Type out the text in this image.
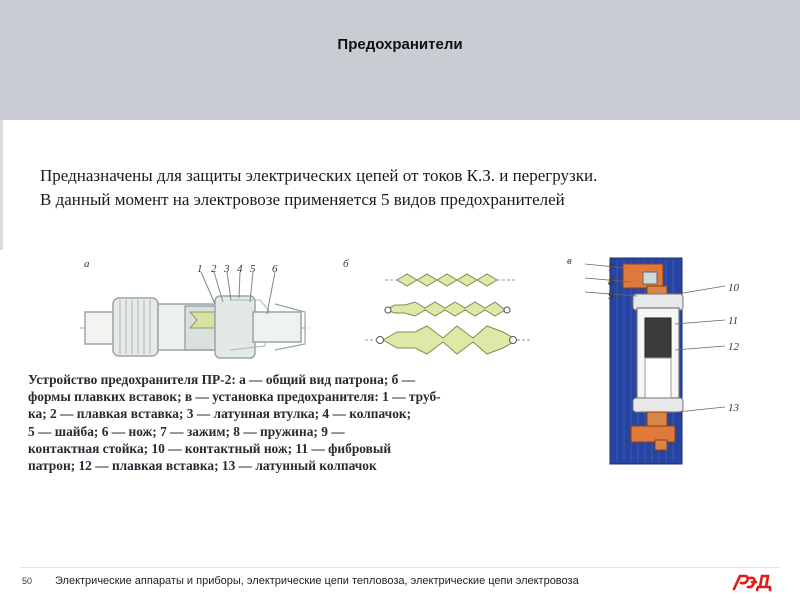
Предохранители
Предназначены для защиты электрических цепей от токов К.З. и перегрузки.
В данный момент на электровозе применяется 5 видов предохранителей
а	1 2 3 4 5 6	б	в
7
8
9
10
11
12
13
Устройство предохранителя ПР-2: а — общий вид патрона; б —
формы плавких вставок; в — установка предохранителя: 1 — труб-
ка; 2 — плавкая вставка; 3 — латунная втулка; 4 — колпачок;
5 — шайба; 6 — нож; 7 — зажим; 8 — пружина; 9 —
контактная стойка; 10 — контактный нож; 11 — фибровый
патрон; 12 — плавкая вставка; 13 — латунный колпачок
50 Электрические аппараты и приборы, электрические цепи тепловоза, электрические цепи электровоза
